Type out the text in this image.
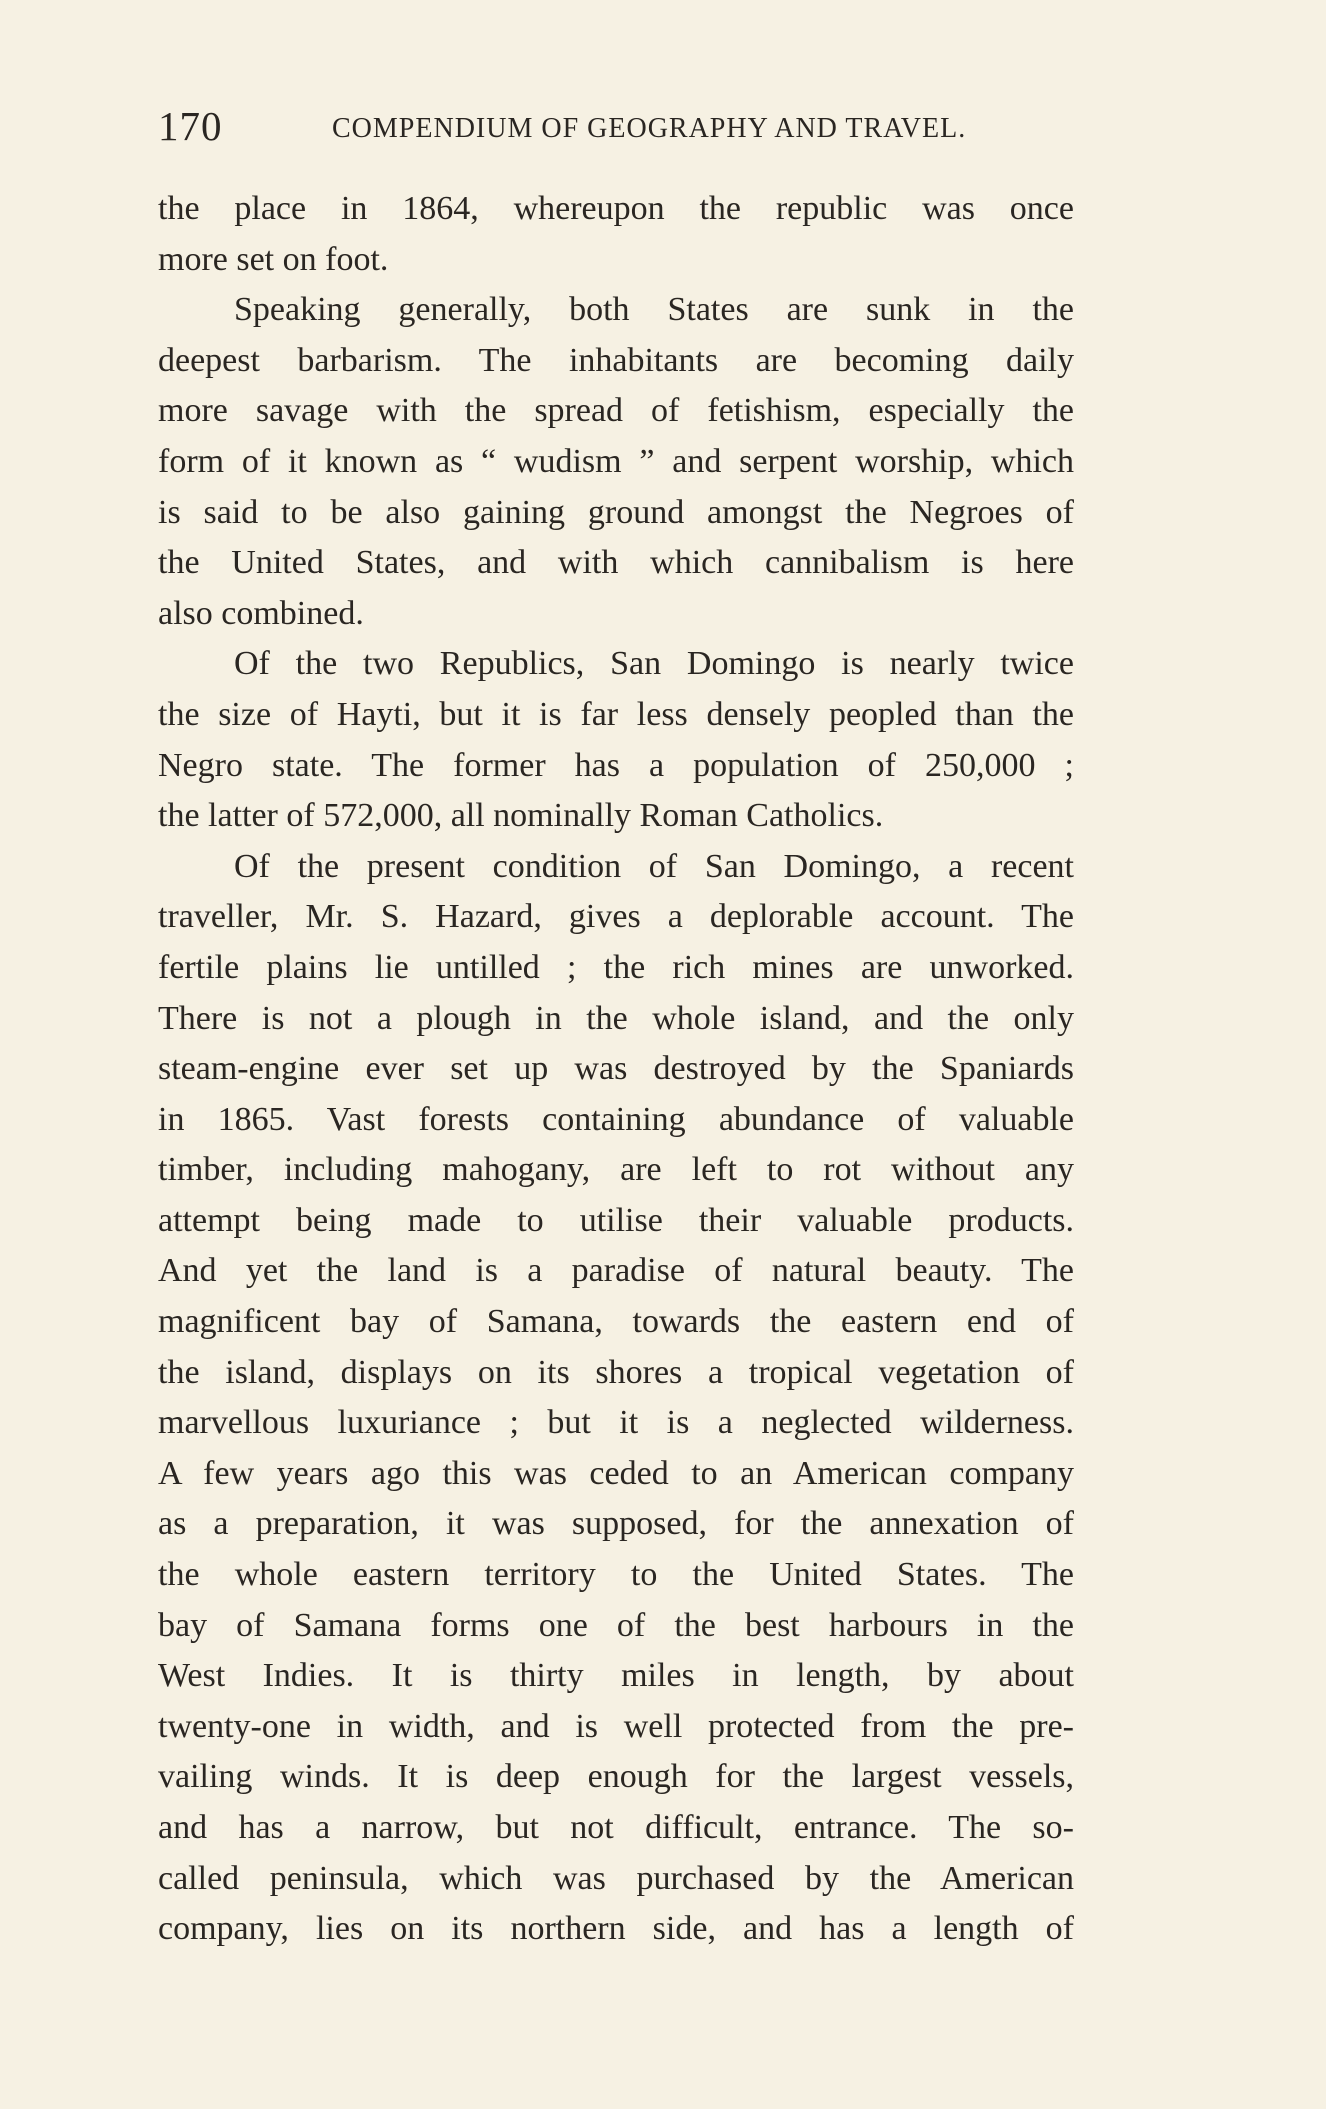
170	COMPENDIUM OF GEOGRAPHY AND TRAVEL.
the place in 1864, whereupon the republic was once
more set on foot.
Speaking generally, both States are sunk in the
deepest barbarism. The inhabitants are becoming daily
more savage with the spread of fetishism, especially the
form of it known as “ wudism ” and serpent worship, which
is said to be also gaining ground amongst the Negroes of
the United States, and with which cannibalism is here
also combined.
Of the two Republics, San Domingo is nearly twice
the size of Hayti, but it is far less densely peopled than the
Negro state. The former has a population of 250,000 ;
the latter of 572,000, all nominally Roman Catholics.
Of the present condition of San Domingo, a recent
traveller, Mr. S. Hazard, gives a deplorable account. The
fertile plains lie untilled ; the rich mines are unworked.
There is not a plough in the whole island, and the only
steam-engine ever set up was destroyed by the Spaniards
in 1865. Vast forests containing abundance of valuable
timber, including mahogany, are left to rot without any
attempt being made to utilise their valuable products.
And yet the land is a paradise of natural beauty. The
magnificent bay of Samana, towards the eastern end of
the island, displays on its shores a tropical vegetation of
marvellous luxuriance ; but it is a neglected wilderness.
A few years ago this was ceded to an American company
as a preparation, it was supposed, for the annexation of
the whole eastern territory to the United States. The
bay of Samana forms one of the best harbours in the
West Indies. It is thirty miles in length, by about
twenty-one in width, and is well protected from the pre-
vailing winds. It is deep enough for the largest vessels,
and has a narrow, but not difficult, entrance. The so-
called peninsula, which was purchased by the American
company, lies on its northern side, and has a length of
